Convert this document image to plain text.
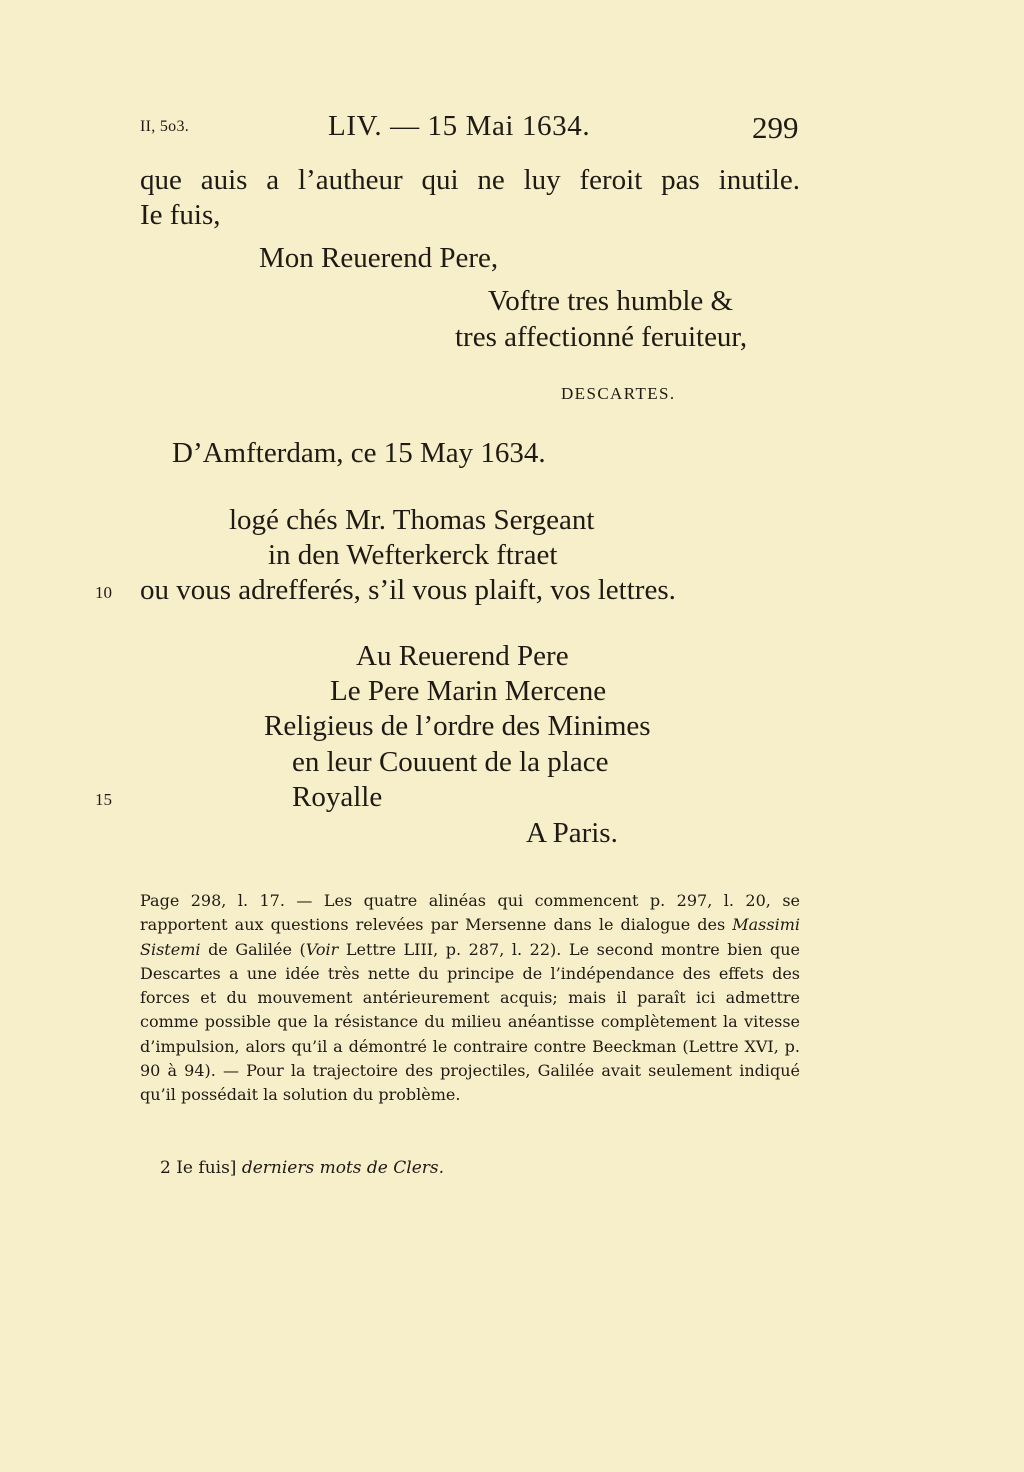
II, 5o3.	LIV. — 15 Mai 1634.	299
que auis a l’autheur qui ne luy feroit pas inutile.
Ie fuis,
Mon Reuerend Pere,
Voftre tres humble &
tres affectionné feruiteur,
DESCARTES.
D’Amfterdam, ce 15 May 1634.
logé chés Mr. Thomas Sergeant
in den Wefterkerck ftraet
10 ou vous adrefferés, s’il vous plaift, vos lettres.
Au Reuerend Pere
Le Pere Marin Mercene
Religieus de l’ordre des Minimes
en leur Couuent de la place
15	Royalle
A Paris.
Page 298, l. 17. — Les quatre alinéas qui commencent p. 297, l. 20, se rapportent aux questions relevées par Mersenne dans le dialogue des Massimi Sistemi de Galilée (Voir Lettre LIII, p. 287, l. 22). Le second montre bien que Descartes a une idée très nette du principe de l’indépendance des effets des forces et du mouvement antérieurement acquis; mais il paraît ici admettre comme possible que la résistance du milieu anéantisse complètement la vitesse d’impulsion, alors qu’il a démontré le contraire contre Beeckman (Lettre XVI, p. 90 à 94). — Pour la trajectoire des projectiles, Galilée avait seulement indiqué qu’il possédait la solution du problème.
2 Ie fuis] derniers mots de Clers.
